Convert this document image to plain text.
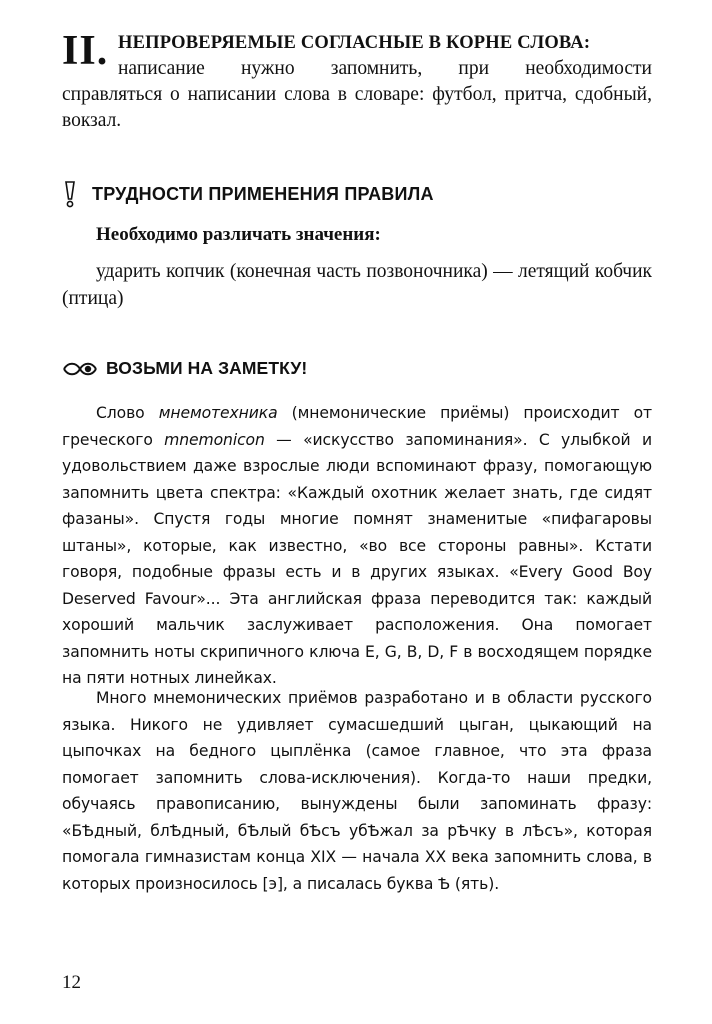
II. НЕПРОВЕРЯЕМЫЕ СОГЛАСНЫЕ В КОРНЕ СЛОВА:
написание нужно запомнить, при необходимости
справляться о написании слова в словаре: футбол, притча, сдобный, вокзал.

ТРУДНОСТИ ПРИМЕНЕНИЯ ПРАВИЛА
Необходимо различать значения:

ударить копчик (конечная часть позвоночника) — летящий кобчик (птица)

ВОЗЬМИ НА ЗАМЕТКУ!

Слово мнемотехника (мнемонические приёмы) происходит от греческого mnemonicon — «искусство запоминания». С улыбкой и удовольствием даже взрослые люди вспоминают фразу, помогающую запомнить цвета спектра: «Каждый охотник желает знать, где сидят фазаны». Спустя годы многие помнят знаменитые «пифагаровы штаны», которые, как известно, «во все стороны равны». Кстати говоря, подобные фразы есть и в других языках. «Every Good Boy Deserved Favour»... Эта английская фраза переводится так: каждый хороший мальчик заслуживает расположения. Она помогает запомнить ноты скрипичного ключа E, G, B, D, F в восходящем порядке на пяти нотных линейках.

Много мнемонических приёмов разработано и в области русского языка. Никого не удивляет сумасшедший цыган, цыкающий на цыпочках на бедного цыплёнка (самое главное, что эта фраза помогает запомнить слова-исключения). Когда-то наши предки, обучаясь правописанию, вынуждены были запоминать фразу: «БѢдный, блѢдный, бѢлый бѢсъ убѢжал за рѢчку в лѢсъ», которая помогала гимназистам конца XIX — начала XX века запомнить слова, в которых произносилось [э], а писалась буква Ѣ (ять).

12
